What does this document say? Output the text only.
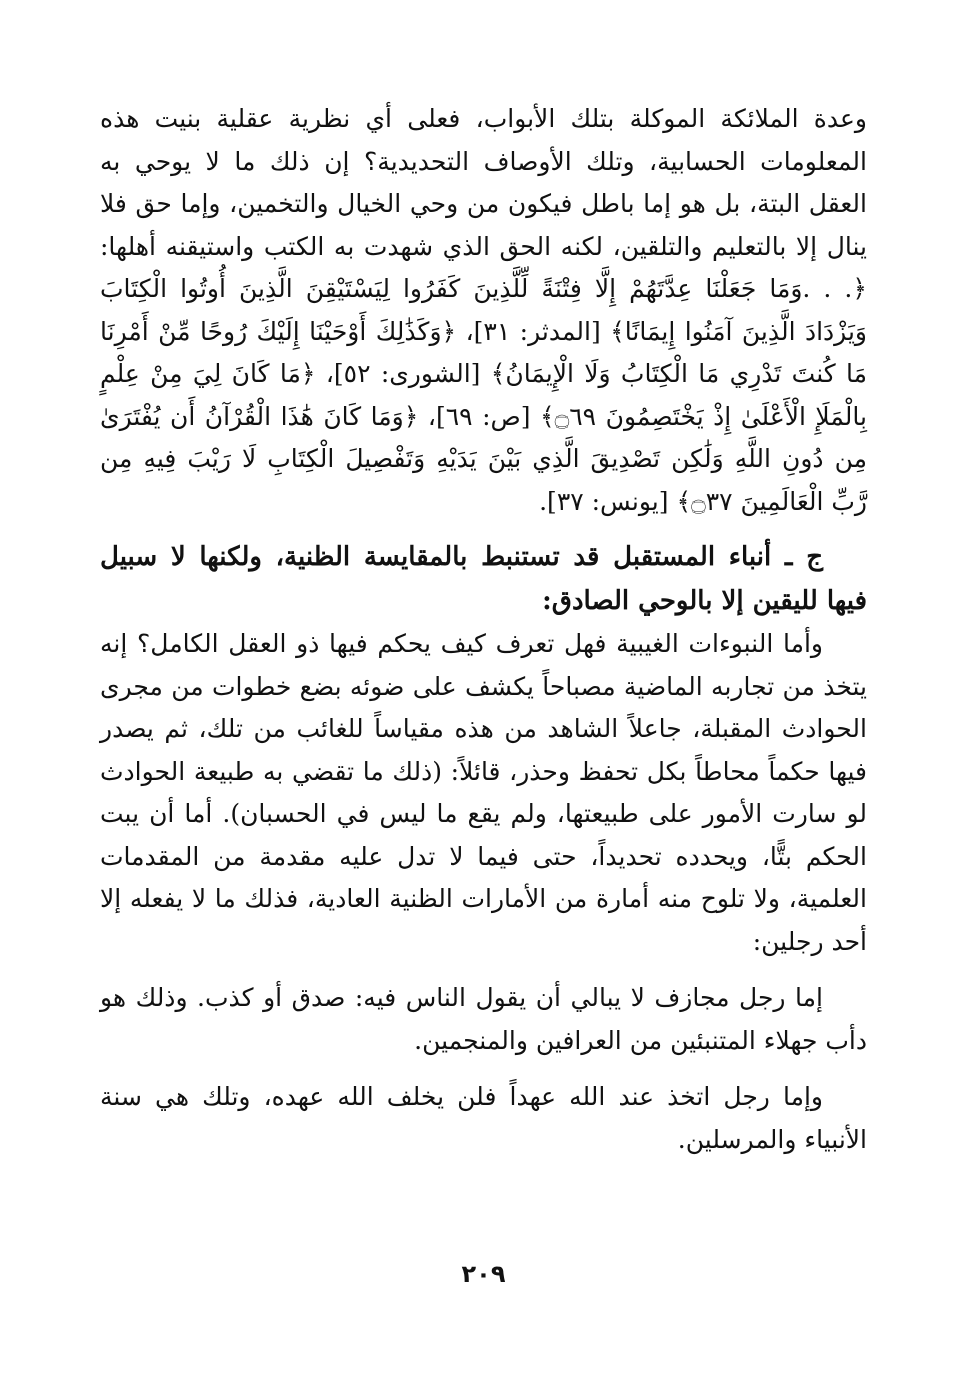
وعدة الملائكة الموكلة بتلك الأبواب، فعلى أي نظرية عقلية بنيت هذه المعلومات الحسابية، وتلك الأوصاف التحديدية؟ إن ذلك ما لا يوحي به العقل البتة، بل هو إما باطل فيكون من وحي الخيال والتخمين، وإما حق فلا ينال إلا بالتعليم والتلقين، لكنه الحق الذي شهدت به الكتب واستيقنه أهلها: ﴿. . .وَمَا جَعَلْنَا عِدَّتَهُمْ إِلَّا فِتْنَةً لِّلَّذِينَ كَفَرُوا لِيَسْتَيْقِنَ الَّذِينَ أُوتُوا الْكِتَابَ وَيَزْدَادَ الَّذِينَ آمَنُوا إِيمَانًا﴾ [المدثر: ٣١]، ﴿وَكَذَٰلِكَ أَوْحَيْنَا إِلَيْكَ رُوحًا مِّنْ أَمْرِنَا مَا كُنتَ تَدْرِي مَا الْكِتَابُ وَلَا الْإِيمَانُ﴾ [الشورى: ٥٢]، ﴿مَا كَانَ لِيَ مِنْ عِلْمٍ بِالْمَلَإِ الْأَعْلَىٰ إِذْ يَخْتَصِمُونَ ۝٦٩﴾ [ص: ٦٩]، ﴿وَمَا كَانَ هَٰذَا الْقُرْآنُ أَن يُفْتَرَىٰ مِن دُونِ اللَّهِ وَلَٰكِن تَصْدِيقَ الَّذِي بَيْنَ يَدَيْهِ وَتَفْصِيلَ الْكِتَابِ لَا رَيْبَ فِيهِ مِن رَّبِّ الْعَالَمِينَ ۝٣٧﴾ [يونس: ٣٧].

ج ـ أنباء المستقبل قد تستنبط بالمقايسة الظنية، ولكنها لا سبيل فيها لليقين إلا بالوحي الصادق:

وأما النبوءات الغيبية فهل تعرف كيف يحكم فيها ذو العقل الكامل؟ إنه يتخذ من تجاربه الماضية مصباحاً يكشف على ضوئه بضع خطوات من مجرى الحوادث المقبلة، جاعلاً الشاهد من هذه مقياساً للغائب من تلك، ثم يصدر فيها حكماً محاطاً بكل تحفظ وحذر، قائلاً: (ذلك ما تقضي به طبيعة الحوادث لو سارت الأمور على طبيعتها، ولم يقع ما ليس في الحسبان). أما أن يبت الحكم بتًّا، ويحدده تحديداً، حتى فيما لا تدل عليه مقدمة من المقدمات العلمية، ولا تلوح منه أمارة من الأمارات الظنية العادية، فذلك ما لا يفعله إلا أحد رجلين:

إما رجل مجازف لا يبالي أن يقول الناس فيه: صدق أو كذب. وذلك هو دأب جهلاء المتنبئين من العرافين والمنجمين.

وإما رجل اتخذ عند الله عهداً فلن يخلف الله عهده، وتلك هي سنة الأنبياء والمرسلين.

٢٠٩
